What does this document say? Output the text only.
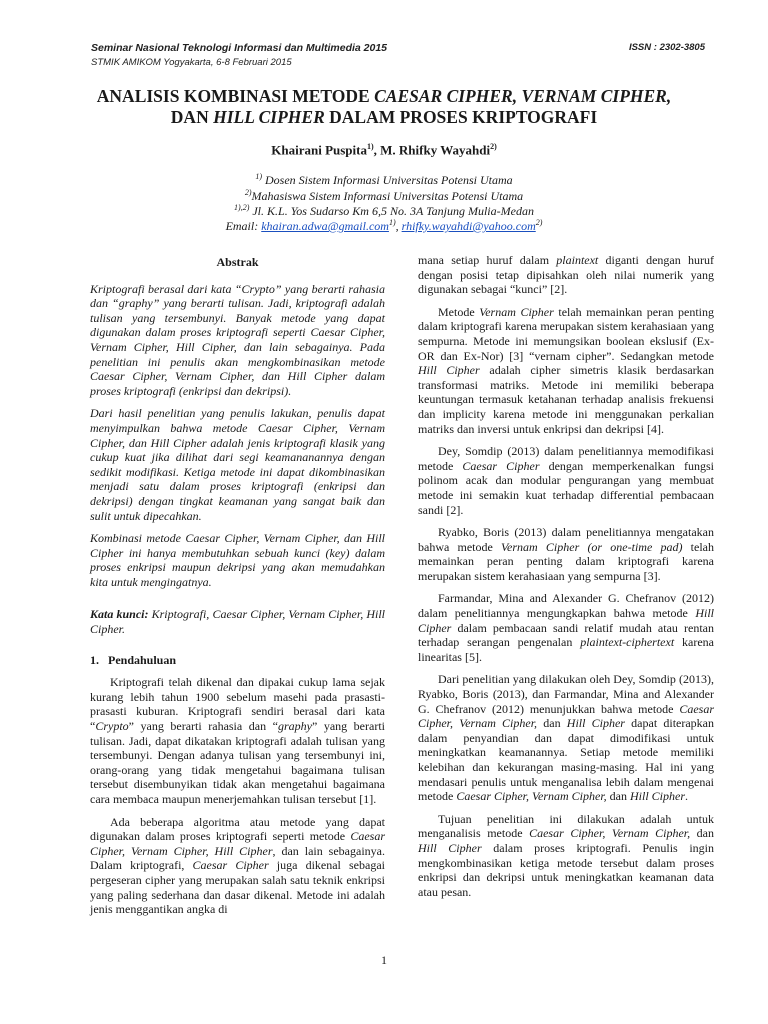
Seminar Nasional Teknologi Informasi dan Multimedia 2015
STMIK AMIKOM Yogyakarta, 6-8 Februari 2015
ISSN : 2302-3805
ANALISIS KOMBINASI METODE CAESAR CIPHER, VERNAM CIPHER,
DAN HILL CIPHER DALAM PROSES KRIPTOGRAFI
Khairani Puspita$^{1)}$, M. Rhifky Wayahdi$^{2)}$
$^{1)}$ Dosen Sistem Informasi Universitas Potensi Utama
$^{2)}$Mahasiswa Sistem Informasi Universitas Potensi Utama
$^{1),2)}$ Jl. K.L. Yos Sudarso Km 6,5 No. 3A Tanjung Mulia-Medan
Email: khairan.adwa@gmail.com$^{1)}$, rhifky.wayahdi@yahoo.com$^{2)}$
Abstrak

Kriptografi berasal dari kata “Crypto” yang berarti rahasia dan “graphy” yang berarti tulisan. Jadi, kriptografi adalah tulisan yang tersembunyi. Banyak metode yang dapat digunakan dalam proses kriptografi seperti Caesar Cipher, Vernam Cipher, Hill Cipher, dan lain sebagainya. Pada penelitian ini penulis akan mengkombinasikan metode Caesar Cipher, Vernam Cipher, dan Hill Cipher dalam proses kriptografi (enkripsi dan dekripsi).

Dari hasil penelitian yang penulis lakukan, penulis dapat menyimpulkan bahwa metode Caesar Cipher, Vernam Cipher, dan Hill Cipher adalah jenis kriptografi klasik yang cukup kuat jika dilihat dari segi keamananannya dengan sedikit modifikasi. Ketiga metode ini dapat dikombinasikan menjadi satu dalam proses kriptografi (enkripsi dan dekripsi) dengan tingkat keamanan yang sangat baik dan sulit untuk dipecahkan.

Kombinasi metode Caesar Cipher, Vernam Cipher, dan Hill Cipher ini hanya membutuhkan sebuah kunci (key) dalam proses enkripsi maupun dekripsi yang akan memudahkan kita untuk mengingatnya.

Kata kunci: Kriptografi, Caesar Cipher, Vernam Cipher, Hill Cipher.

1.   Pendahuluan

Kriptografi telah dikenal dan dipakai cukup lama sejak kurang lebih tahun 1900 sebelum masehi pada prasasti-prasasti kuburan. Kriptografi sendiri berasal dari kata “Crypto” yang berarti rahasia dan “graphy” yang berarti tulisan. Jadi, dapat dikatakan kriptografi adalah tulisan yang tersembunyi. Dengan adanya tulisan yang tersembunyi ini, orang-orang yang tidak mengetahui bagaimana tulisan tersebut disembunyikan tidak akan mengetahui bagaimana cara membaca maupun menerjemahkan tulisan tersebut [1].

Ada beberapa algoritma atau metode yang dapat digunakan dalam proses kriptografi seperti metode Caesar Cipher, Vernam Cipher, Hill Cipher, dan lain sebagainya. Dalam kriptografi, Caesar Cipher juga dikenal sebagai pergeseran cipher yang merupakan salah satu teknik enkripsi yang paling sederhana dan dasar dikenal. Metode ini adalah jenis menggantikan angka di

mana setiap huruf dalam plaintext diganti dengan huruf dengan posisi tetap dipisahkan oleh nilai numerik yang digunakan sebagai “kunci” [2].

Metode Vernam Cipher telah memainkan peran penting dalam kriptografi karena merupakan sistem kerahasiaan yang sempurna. Metode ini memungsikan boolean ekslusif (Ex-OR dan Ex-Nor) [3] “vernam cipher”. Sedangkan metode Hill Cipher adalah cipher simetris klasik berdasarkan transformasi matriks. Metode ini memiliki beberapa keuntungan termasuk ketahanan terhadap analisis frekuensi dan implicity karena metode ini menggunakan perkalian matriks dan inversi untuk enkripsi dan dekripsi [4].

Dey, Somdip (2013) dalam penelitiannya memodifikasi metode Caesar Cipher dengan memperkenalkan fungsi polinom acak dan modular pengurangan yang membuat metode ini semakin kuat terhadap differential pembacaan sandi [2].

Ryabko, Boris (2013) dalam penelitiannya mengatakan bahwa metode Vernam Cipher (or one-time pad) telah memainkan peran penting dalam kriptografi karena merupakan sistem kerahasiaan yang sempurna [3].

Farmandar, Mina and Alexander G. Chefranov (2012) dalam penelitiannya mengungkapkan bahwa metode Hill Cipher dalam pembacaan sandi relatif mudah atau rentan terhadap serangan pengenalan plaintext-ciphertext karena linearitas [5].

Dari penelitian yang dilakukan oleh Dey, Somdip (2013), Ryabko, Boris (2013), dan Farmandar, Mina and Alexander G. Chefranov (2012) menunjukkan bahwa metode Caesar Cipher, Vernam Cipher, dan Hill Cipher dapat diterapkan dalam penyandian dan dapat dimodifikasi untuk meningkatkan keamanannya. Setiap metode memiliki kelebihan dan kekurangan masing-masing. Hal ini yang mendasari penulis untuk menganalisa lebih dalam mengenai metode Caesar Cipher, Vernam Cipher, dan Hill Cipher.

Tujuan penelitian ini dilakukan adalah untuk menganalisis metode Caesar Cipher, Vernam Cipher, dan Hill Cipher dalam proses kriptografi. Penulis ingin mengkombinasikan ketiga metode tersebut dalam proses enkripsi dan dekripsi untuk meningkatkan keamanan data atau pesan.

1
